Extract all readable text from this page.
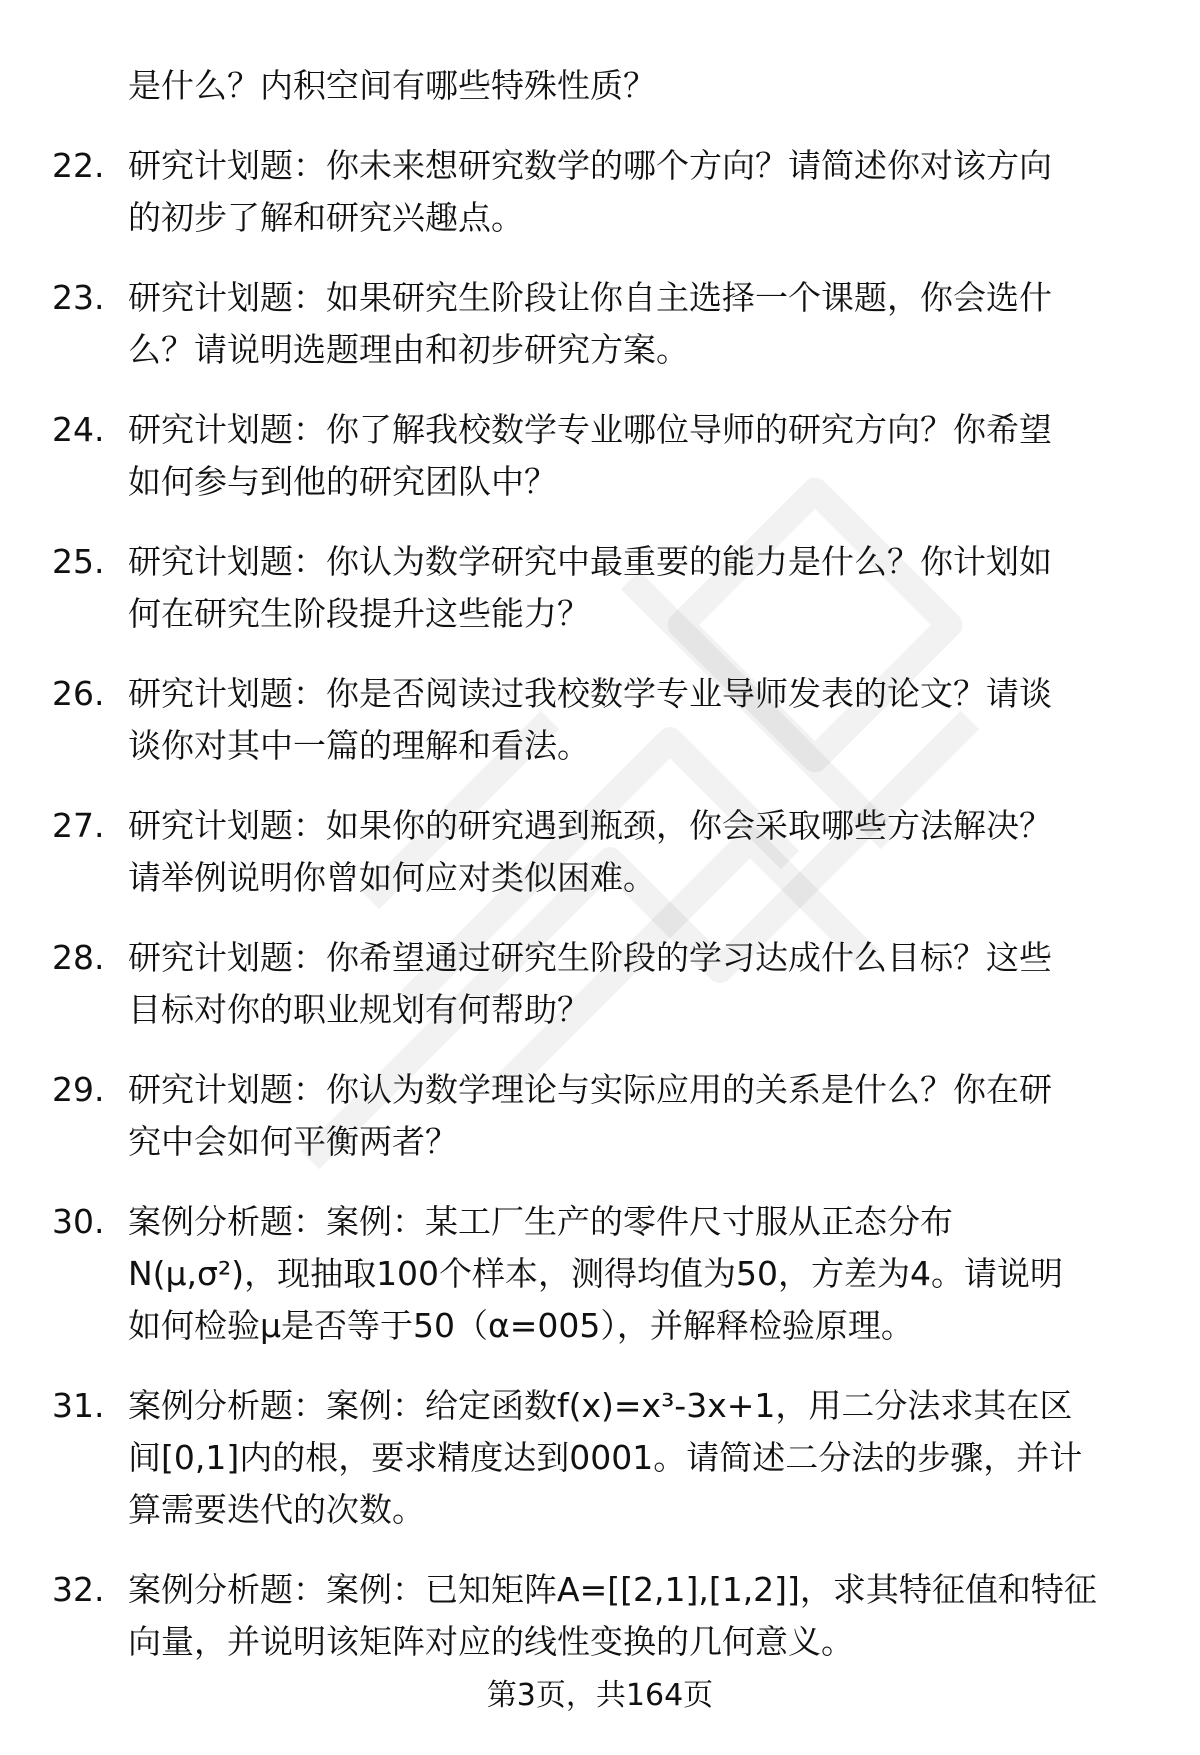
是什么？内积空间有哪些特殊性质？
22. 研究计划题：你未来想研究数学的哪个方向？请简述你对该方向
的初步了解和研究兴趣点。
23. 研究计划题：如果研究生阶段让你自主选择一个课题，你会选什
么？请说明选题理由和初步研究方案。
24. 研究计划题：你了解我校数学专业哪位导师的研究方向？你希望
如何参与到他的研究团队中？
25. 研究计划题：你认为数学研究中最重要的能力是什么？你计划如
何在研究生阶段提升这些能力？
26. 研究计划题：你是否阅读过我校数学专业导师发表的论文？请谈
谈你对其中一篇的理解和看法。
27. 研究计划题：如果你的研究遇到瓶颈，你会采取哪些方法解决？
请举例说明你曾如何应对类似困难。
28. 研究计划题：你希望通过研究生阶段的学习达成什么目标？这些
目标对你的职业规划有何帮助？
29. 研究计划题：你认为数学理论与实际应用的关系是什么？你在研
究中会如何平衡两者？
30. 案例分析题：案例：某工厂生产的零件尺寸服从正态分布
N(μ,σ²)，现抽取100个样本，测得均值为50，方差为4。请说明
如何检验μ是否等于50（α=005），并解释检验原理。
31. 案例分析题：案例：给定函数f(x)=x³-3x+1，用二分法求其在区
间[0,1]内的根，要求精度达到0001。请简述二分法的步骤，并计
算需要迭代的次数。
32. 案例分析题：案例：已知矩阵A=[[2,1],[1,2]]，求其特征值和特征
向量，并说明该矩阵对应的线性变换的几何意义。
第3页，共164页
